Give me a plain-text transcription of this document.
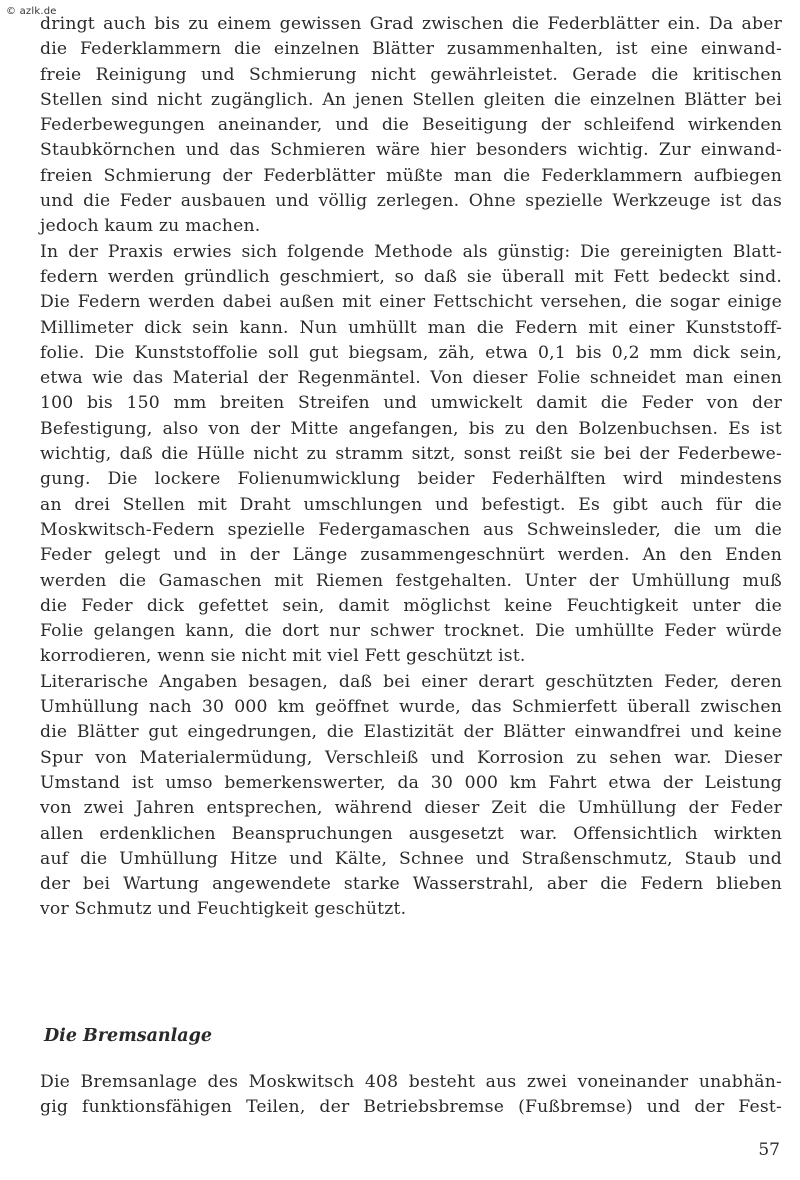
© azlk.de
dringt auch bis zu einem gewissen Grad zwischen die Federblätter ein. Da aber
die Federklammern die einzelnen Blätter zusammenhalten, ist eine einwand-
freie Reinigung und Schmierung nicht gewährleistet. Gerade die kritischen
Stellen sind nicht zugänglich. An jenen Stellen gleiten die einzelnen Blätter bei
Federbewegungen aneinander, und die Beseitigung der schleifend wirkenden
Staubkörnchen und das Schmieren wäre hier besonders wichtig. Zur einwand-
freien Schmierung der Federblätter müßte man die Federklammern aufbiegen
und die Feder ausbauen und völlig zerlegen. Ohne spezielle Werkzeuge ist das
jedoch kaum zu machen.
In der Praxis erwies sich folgende Methode als günstig: Die gereinigten Blatt-
federn werden gründlich geschmiert, so daß sie überall mit Fett bedeckt sind.
Die Federn werden dabei außen mit einer Fettschicht versehen, die sogar einige
Millimeter dick sein kann. Nun umhüllt man die Federn mit einer Kunststoff-
folie. Die Kunststoffolie soll gut biegsam, zäh, etwa 0,1 bis 0,2 mm dick sein,
etwa wie das Material der Regenmäntel. Von dieser Folie schneidet man einen
100 bis 150 mm breiten Streifen und umwickelt damit die Feder von der
Befestigung, also von der Mitte angefangen, bis zu den Bolzenbuchsen. Es ist
wichtig, daß die Hülle nicht zu stramm sitzt, sonst reißt sie bei der Federbewe-
gung. Die lockere Folienumwicklung beider Federhälften wird mindestens
an drei Stellen mit Draht umschlungen und befestigt. Es gibt auch für die
Moskwitsch-Federn spezielle Federgamaschen aus Schweinsleder, die um die
Feder gelegt und in der Länge zusammengeschnürt werden. An den Enden
werden die Gamaschen mit Riemen festgehalten. Unter der Umhüllung muß
die Feder dick gefettet sein, damit möglichst keine Feuchtigkeit unter die
Folie gelangen kann, die dort nur schwer trocknet. Die umhüllte Feder würde
korrodieren, wenn sie nicht mit viel Fett geschützt ist.
Literarische Angaben besagen, daß bei einer derart geschützten Feder, deren
Umhüllung nach 30 000 km geöffnet wurde, das Schmierfett überall zwischen
die Blätter gut eingedrungen, die Elastizität der Blätter einwandfrei und keine
Spur von Materialermüdung, Verschleiß und Korrosion zu sehen war. Dieser
Umstand ist umso bemerkenswerter, da 30 000 km Fahrt etwa der Leistung
von zwei Jahren entsprechen, während dieser Zeit die Umhüllung der Feder
allen erdenklichen Beanspruchungen ausgesetzt war. Offensichtlich wirkten
auf die Umhüllung Hitze und Kälte, Schnee und Straßenschmutz, Staub und
der bei Wartung angewendete starke Wasserstrahl, aber die Federn blieben
vor Schmutz und Feuchtigkeit geschützt.
Die Bremsanlage
Die Bremsanlage des Moskwitsch 408 besteht aus zwei voneinander unabhän-
gig funktionsfähigen Teilen, der Betriebsbremse (Fußbremse) und der Fest-
57
